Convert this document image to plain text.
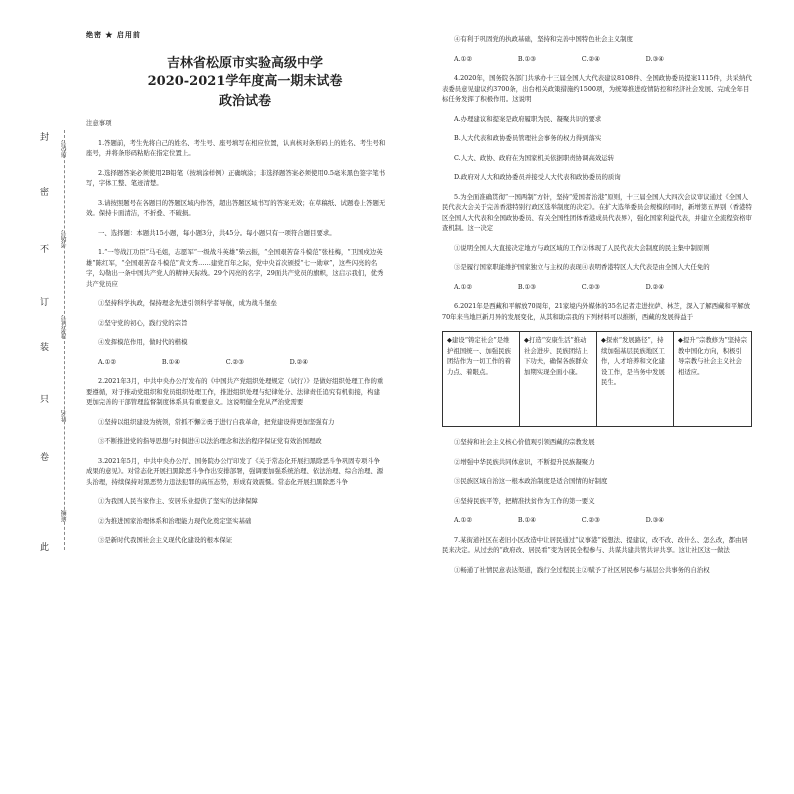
绝密 ★ 启用前
吉林省松原市实验高级中学
2020-2021学年度高一期末试卷
政治试卷
封
密
不
订
装
只
卷
此
座位号
考场号
准考证号
姓名
班级

注意事项

1.答题前，考生先将自己的姓名、考生号、座号填写在相应位置，认真核对条形码上的姓名、考生号和座号，并将条形码粘贴在指定位置上。

2.选择题答案必须使用2B铅笔（按填涂样例）正确填涂；非选择题答案必须使用0.5毫米黑色签字笔书写，字体工整、笔迹清楚。

3.请按照题号在各题目的答题区域内作答，超出答题区域书写的答案无效；在草稿纸、试题卷上答题无效。保持卡面清洁，不折叠、不破损。

一、选择题：本题共15小题，每小题3分，共45分。每小题只有一项符合题目要求。

1.“一等战江功臣”马毛姐，志愿军“一级战斗英雄”柴云振，“全国艰苦奋斗模范”张桂梅，“卫国戍边英雄”陈红军，“全国艰苦奋斗模范”黄文秀……建党百年之际，党中央首次颁授“七一勋章”，这些闪亮的名字，勾勒出一条中国共产党人的精神天际线。29个闪亮的名字，29面共产党员的旗帜，这启示我们，优秀共产党员应

①坚持科学执政，保持理念先进引领科学者导航，成为战斗堡垒

②坚守党的初心，践行党的宗旨

④发挥模范作用，做时代的楷模

A.①②	B.①④	C.②③	D.②④

2.2021年3月，中共中央办公厅发布的《中国共产党组织处理规定（试行）》是做好组织处理工作的重要遵循，对于推动党组织和党员组织处理工作，推进组织处理与纪律处分、法律责任追究有机衔接，构建更加完善的干部管理监督制度体系具有重要意义。这说明健全党从严治党需要

①坚持以组织建设为统领，常抓不懈②勇于进行自我革命，把党建设得更加坚强有力

③不断推进党的指导思想与时俱进④以法治理念和法治程序保证党有效治国理政

3.2021年5月，中共中央办公厅、国务院办公厅印发了《关于常态化开展扫黑除恶斗争巩固专项斗争成果的意见》。对常态化开展扫黑除恶斗争作出安排部署，强调要加强系统治理、依法治理、综合治理、源头治理，持续保持对黑恶势力违法犯罪的高压态势，形成有效震慑。常态化开展扫黑除恶斗争

①为我国人民当家作主、安居乐业提供了坚实的法律保障

②为推进国家治理体系和治理能力现代化奠定坚实基础

③是新时代我国社会主义现代化建设的根本保证

④有利于巩固党的执政基础，坚持和完善中国特色社会主义制度

A.①②	B.①③	C.②④	D.③④

4.2020年，国务院各部门共承办十三届全国人大代表建议8108件、全国政协委员提案1115件，共采纳代表委员意见建议约3700条，出台相关政策措施约1500项，为统筹推进疫情防控和经济社会发展、完成全年目标任务发挥了积极作用。这说明

A.办理建议和提案是政府履职为民、凝聚共识的要求

B.人大代表和政协委员管理社会事务的权力得到落实

C.人大、政协、政府在为国家机关依据职责协调高效运转

D.政府对人大和政协委员并接受人大代表和政协委员的质询

5.为全面准确贯彻“一国两制”方针，坚持“爱国者治港”原则，十三届全国人大四次会议审议通过《全国人民代表大会关于完善香港特别行政区选举制度的决定》。在扩大选举委员会规模的同时，新增第五界别（香港特区全国人大代表和全国政协委员、有关全国性团体香港成员代表界），强化国家利益代表，并建立全流程资格审查机制。这一决定

①说明全国人大直接决定地方与政区域的工作②体现了人民代表大会制度的民主集中制原则

③是履行国家职能维护国家独立与主权的表现④表明香港特区人大代表是由全国人大任免的

A.①②	B.①③	C.②③	D.②④

6.2021年是西藏和平解放70周年，21家境内外媒体的35名记者走进拉萨、林芝，深入了解西藏和平解放70年来当地巨新月异的发展变化，从其和助宗我的下列材料可以推断，西藏的发展得益于

◆建设“铸定社会”是维护祖国统一、加强民族团结作为一切工作的着力点、着眼点。
◆打造“安康生活”推动社会进步、民族团结上下功夫，确保各族群众加期实现全面小康。
◆探索“发展路径”，持续加强基层民族地区工作，人才培养和文化建设工作，是当务中发展民生。
◆提升“宗教修为”坚持宗教中国化方向，积极引导宗教与社会主义社会相适应。

①坚持和社会主义核心价值观引领西藏的宗教发展

②增强中华民族共同体意识，不断提升民族凝聚力

③民族区域自治这一根本政治制度是适合国情的好制度

④坚持民族平等，把精准扶贫作为工作的第一要义

A.①②	B.①④	C.②③	D.③④

7.某街道社区在老旧小区改造中让居民通过“议事港”说想法、提建议，改不改、改什么、怎么改，都由居民来决定。从过去的“政府改、居民看”变为居民全程参与、共谋共建共管共评共享。这让社区这一做法

①畅通了社情民意表达渠道，践行全过程民主②赋予了社区居民参与基层公共事务的自治权
